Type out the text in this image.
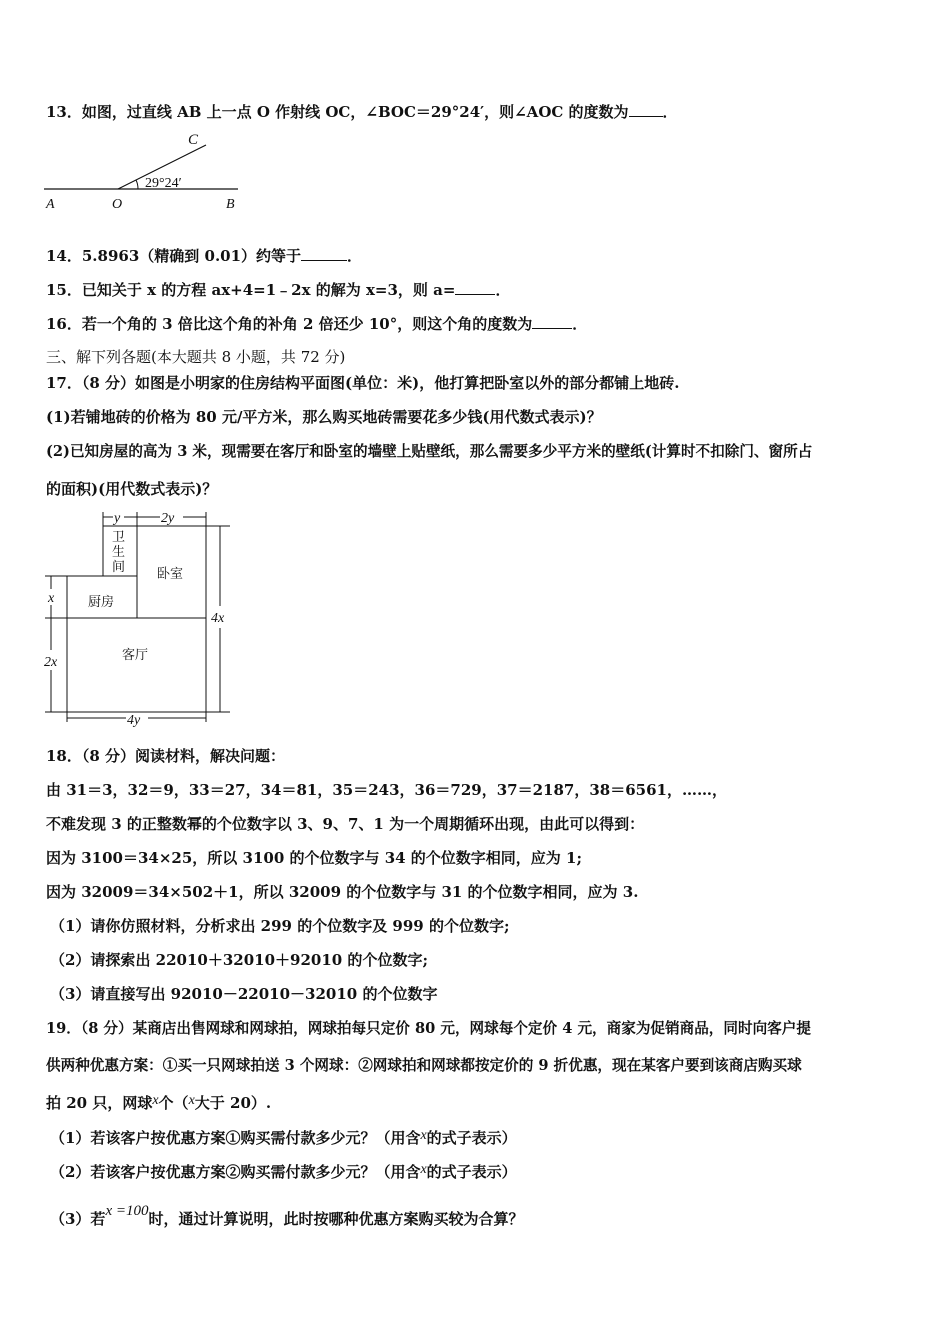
13．如图，过直线 AB 上一点 O 作射线 OC，∠BOC＝29°24′，则∠AOC 的度数为 ．
29°24′
C
A	O	B
14．5.8963（精确到 0.01）约等于	．
15．已知关于 x 的方程 ax+4=1﹣2x 的解为 x=3，则 a=	．
16．若一个角的 3 倍比这个角的补角 2 倍还少 10°，则这个角的度数为	．
三、解下列各题(本大题共 8 小题，共 72 分)
17．（8 分）如图是小明家的住房结构平面图(单位：米)，他打算把卧室以外的部分都铺上地砖.
(1)若铺地砖的价格为 80 元/平方米，那么购买地砖需要花多少钱(用代数式表示)？
(2)已知房屋的高为 3 米，现需要在客厅和卧室的墙壁上贴壁纸，那么需要多少平方米的壁纸(计算时不扣除门、窗所占
的面积)(用代数式表示)？
y	2y
卫
生
间 卧室
厨房
客厅
x
2x
4x
4y
18．（8 分）阅读材料，解决问题：
由 31＝3，32＝9，33＝27，34＝81，35＝243，36＝729，37＝2187，38＝6561，……，
不难发现 3 的正整数幂的个位数字以 3、9、7、1 为一个周期循环出现，由此可以得到：
因为 3100＝34×25，所以 3100 的个位数字与 34 的个位数字相同，应为 1;
因为 32009＝34×502＋1，所以 32009 的个位数字与 31 的个位数字相同，应为 3.
（1）请你仿照材料，分析求出 299 的个位数字及 999 的个位数字;
（2）请探索出 22010＋32010＋92010 的个位数字;
（3）请直接写出 92010－22010－32010 的个位数字
19．（8 分）某商店出售网球和网球拍，网球拍每只定价 80 元，网球每个定价 4 元，商家为促销商品，同时向客户提
供两种优惠方案：①买一只网球拍送 3 个网球：②网球拍和网球都按定价的 9 折优惠，现在某客户要到该商店购买球
拍 20 只，网球x个（x大于 20）.
（1）若该客户按优惠方案①购买需付款多少元？（用含x的式子表示）
（2）若该客户按优惠方案②购买需付款多少元？（用含x的式子表示）
（3）若x =100时，通过计算说明，此时按哪种优惠方案购买较为合算？
